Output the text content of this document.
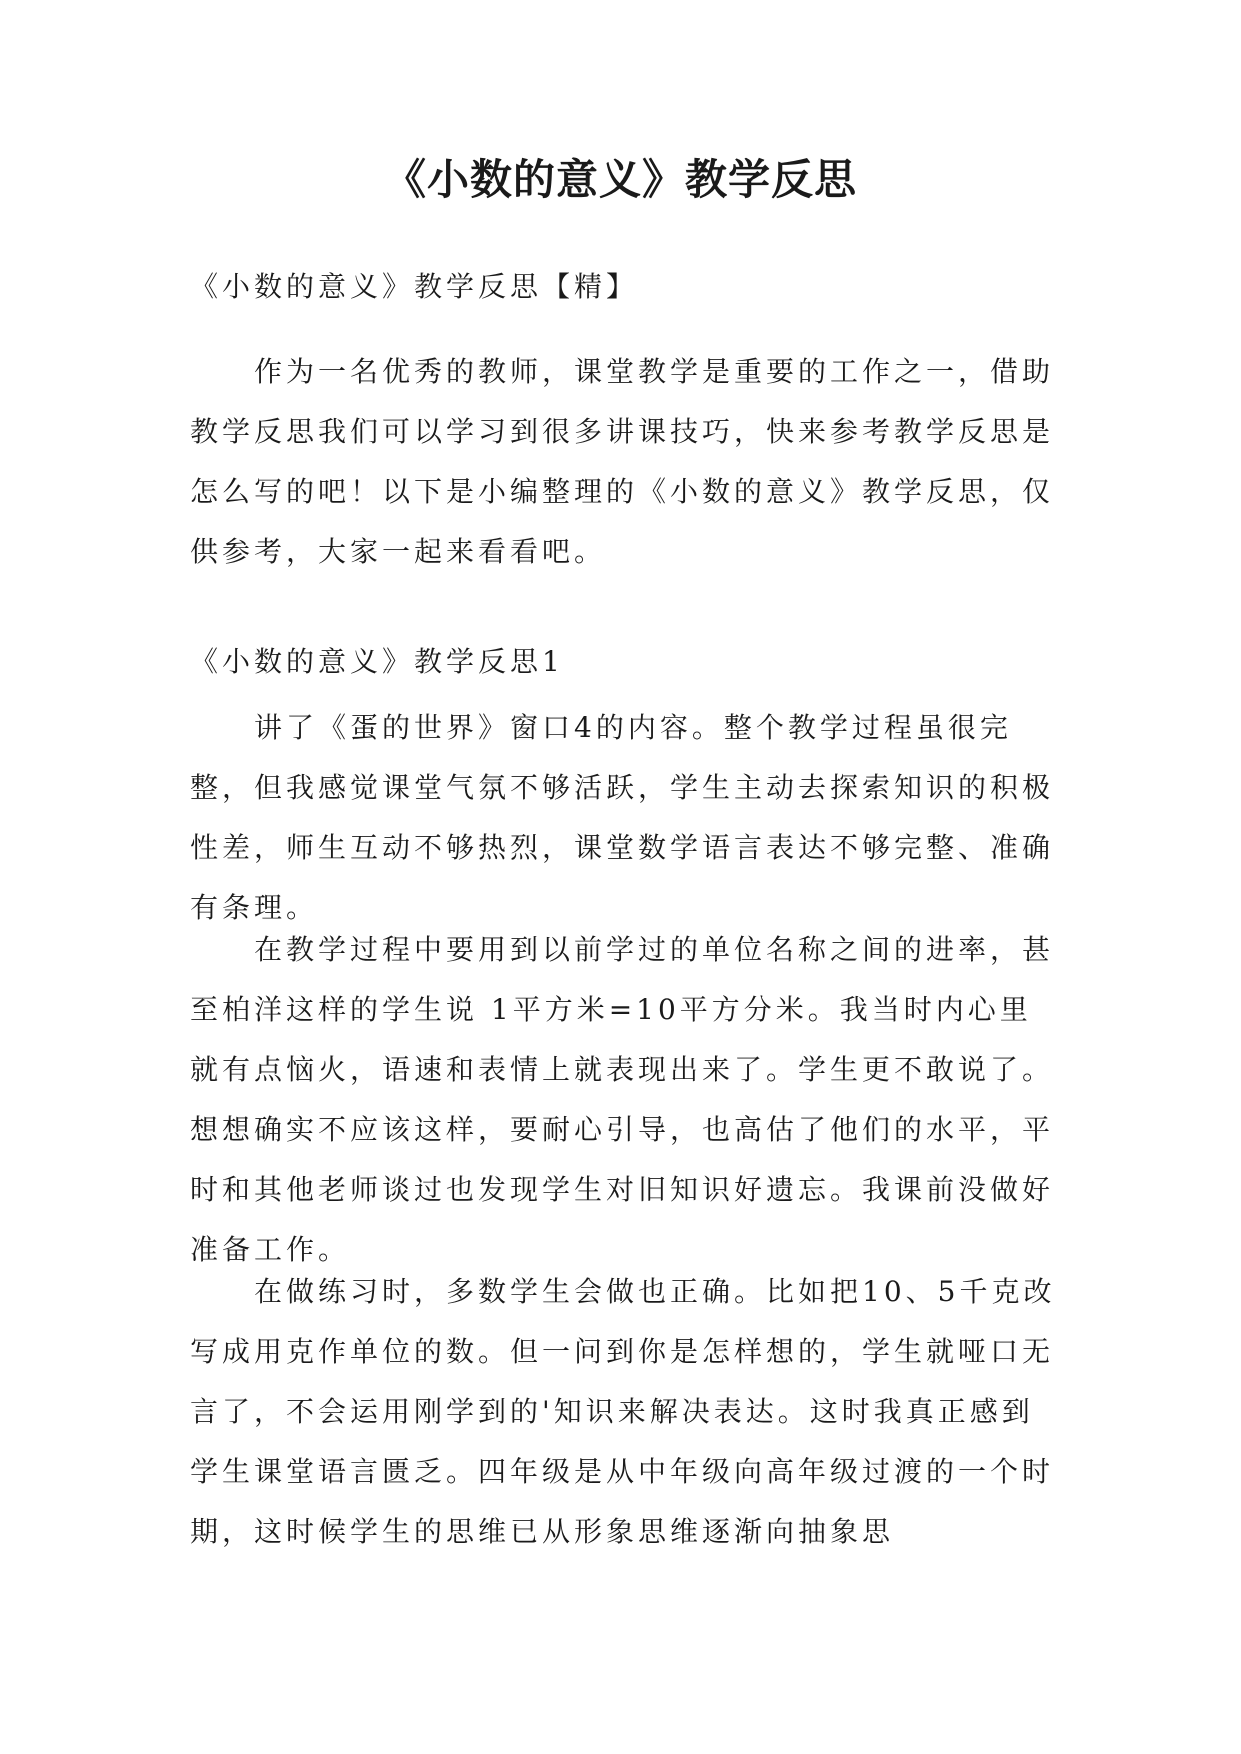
《小数的意义》教学反思

《小数的意义》教学反思【精】

作为一名优秀的教师，课堂教学是重要的工作之一，借助教学反思我们可以学习到很多讲课技巧，快来参考教学反思是怎么写的吧！以下是小编整理的《小数的意义》教学反思，仅供参考，大家一起来看看吧。

《小数的意义》教学反思1

讲了《蛋的世界》窗口4的内容。整个教学过程虽很完整，但我感觉课堂气氛不够活跃，学生主动去探索知识的积极性差，师生互动不够热烈，课堂数学语言表达不够完整、准确有条理。

在教学过程中要用到以前学过的单位名称之间的进率，甚至柏洋这样的学生说 1平方米=10平方分米。我当时内心里就有点恼火，语速和表情上就表现出来了。学生更不敢说了。想想确实不应该这样，要耐心引导，也高估了他们的水平，平时和其他老师谈过也发现学生对旧知识好遗忘。我课前没做好准备工作。

在做练习时，多数学生会做也正确。比如把10、5千克改写成用克作单位的数。但一问到你是怎样想的，学生就哑口无言了，不会运用刚学到的'知识来解决表达。这时我真正感到学生课堂语言匮乏。四年级是从中年级向高年级过渡的一个时期，这时候学生的思维已从形象思维逐渐向抽象思
